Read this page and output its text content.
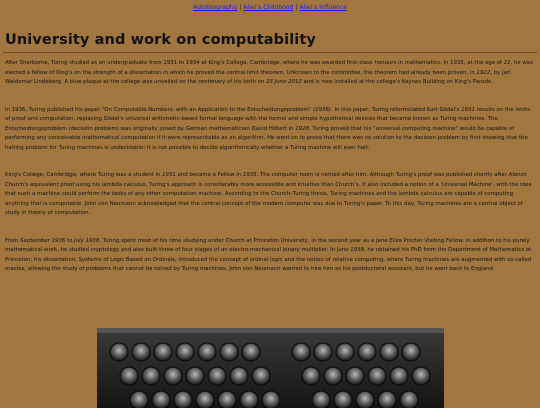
Autobiography | Alan's Childhood | Alan's Influence
University and work on computability

After Sherborne, Turing studied as an undergraduate from 1931 to 1934 at King's College, Cambridge, where he was awarded first-class honours in mathematics. In 1935, at the age of 22, he was elected a fellow of King's on the strength of a dissertation in which he proved the central limit theorem. Unknown to the committee, the theorem had already been proven, in 1922, by Jarl Waldemar Lindeberg. A blue plaque at the college was unveiled on the centenary of his birth on 23 June 2012 and is now installed at the college's Keynes Building on King's Parade.

In 1936, Turing published his paper "On Computable Numbers, with an Application to the Entscheidungsproblem" (1936). In this paper, Turing reformulated Kurt Gödel's 1931 results on the limits of proof and computation, replacing Gödel's universal arithmetic-based formal language with the formal and simple hypothetical devices that became known as Turing machines. The Entscheidungsproblem (decision problem) was originally posed by German mathematician David Hilbert in 1928. Turing proved that his "universal computing machine" would be capable of performing any conceivable mathematical computation if it were representable as an algorithm. He went on to prove that there was no solution to the decision problem by first showing that the halting problem for Turing machines is undecidable: it is not possible to decide algorithmically whether a Turing machine will ever halt.

King's College, Cambridge, where Turing was a student in 1931 and became a Fellow in 1935. The computer room is named after him. Although Turing's proof was published shortly after Alonzo Church's equivalent proof using his lambda calculus, Turing's approach is considerably more accessible and intuitive than Church's. It also included a notion of a 'Universal Machine', with the idea that such a machine could perform the tasks of any other computation machine. According to the Church–Turing thesis, Turing machines and the lambda calculus are capable of computing anything that is computable. John von Neumann acknowledged that the central concept of the modern computer was due to Turing's paper. To this day, Turing machines are a central object of study in theory of computation.

From September 1936 to July 1938, Turing spent most of his time studying under Church at Princeton University, in the second year as a Jane Eliza Procter Visiting Fellow. In addition to his purely mathematical work, he studied cryptology and also built three of four stages of an electro-mechanical binary multiplier. In June 1938, he obtained his PhD from the Department of Mathematics at Princeton; his dissertation, Systems of Logic Based on Ordinals, introduced the concept of ordinal logic and the notion of relative computing, where Turing machines are augmented with so-called oracles, allowing the study of problems that cannot be solved by Turing machines. John von Neumann wanted to hire him as his postdoctoral assistant, but he went back to England.
